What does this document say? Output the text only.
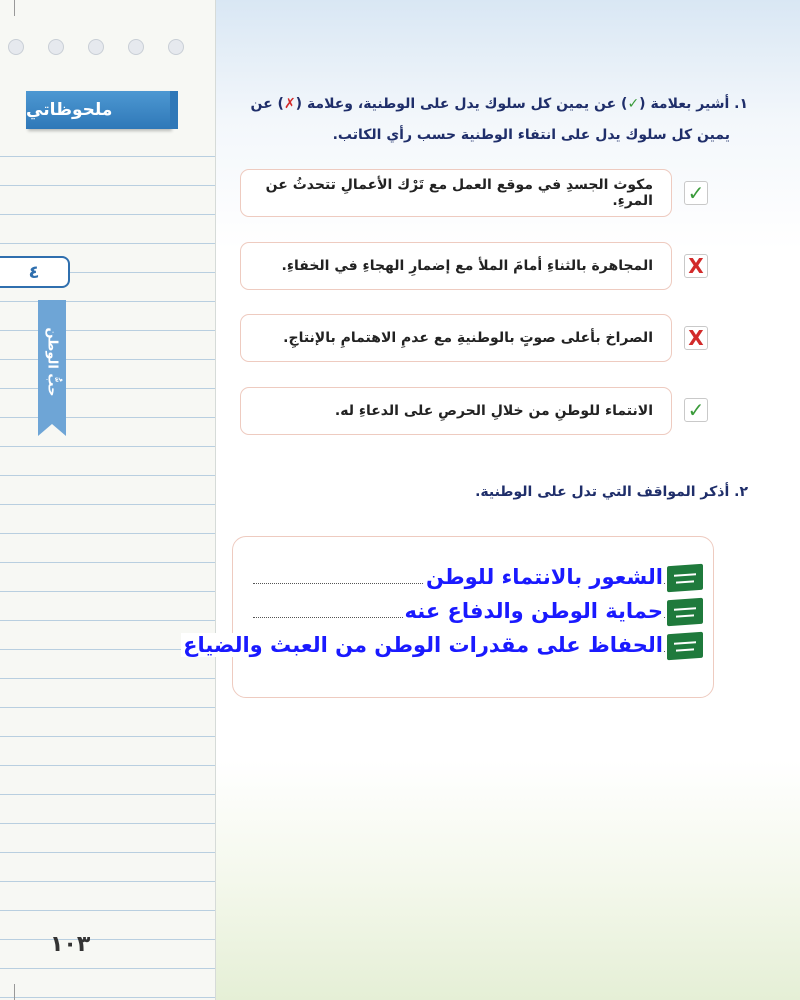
ملحوظاتي
٤
حبُّ الوطن
١٠٣
١. أشير بعلامة (✓) عن يمين كل سلوك يدل على الوطنية، وعلامة (✗) عن
يمين كل سلوك يدل على انتفاء الوطنية حسب رأي الكاتب.
✓
مكوث الجسدِ في موقع العمل مع تَرْك الأعمالِ تتحدثُ عن المرءِ.
X
المجاهرة بالثناءِ أمامَ الملأ مع إضمارِ الهجاءِ في الخفاءِ.
X
الصراخ بأعلى صوتٍ بالوطنيةِ مع عدمِ الاهتمامِ بالإنتاجِ.
✓
الانتماء للوطنِ من خلالِ الحرصِ على الدعاءِ له.
٢. أذكر المواقف التي تدل على الوطنية.
الشعور بالانتماء للوطن
حماية الوطن والدفاع عنه
الحفاظ على مقدرات الوطن من العبث والضياع
